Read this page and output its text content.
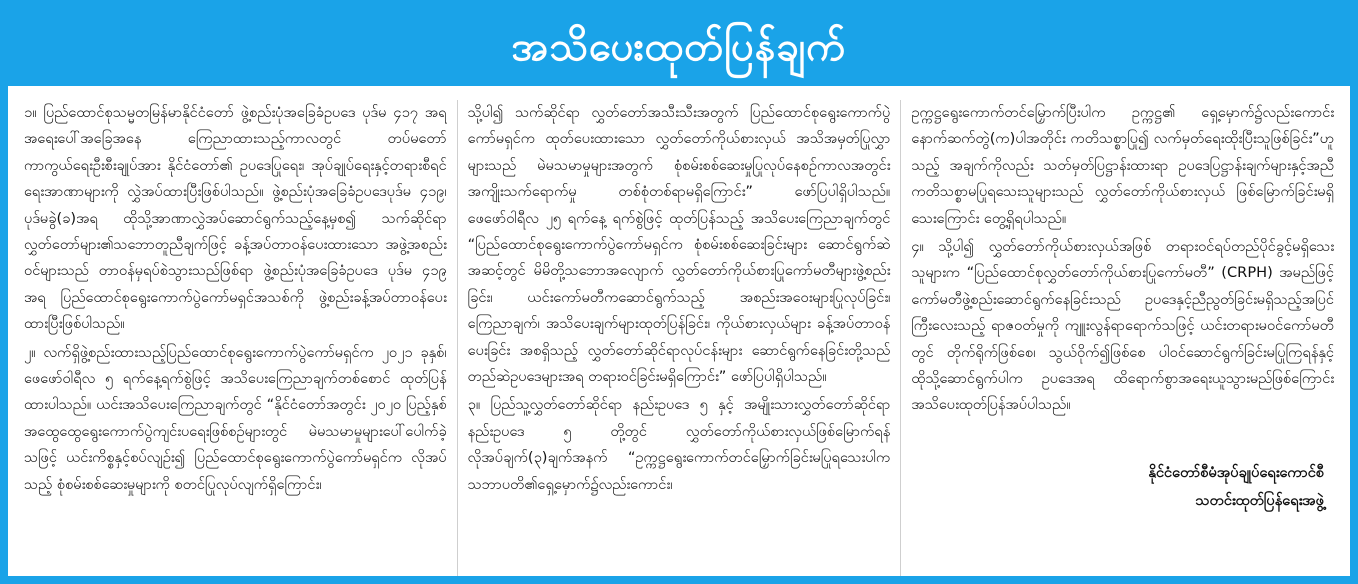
အသိပေးထုတ်ပြန်ချက်

၁။ ပြည်ထောင်စုသမ္မတမြန်မာနိုင်ငံတော် ဖွဲ့စည်းပုံအခြေခံဥပဒေ ပုဒ်မ ၄၁၇ အရ အရေးပေါ်အခြေအနေ ကြေညာထားသည့်ကာလတွင် တပ်မတော်ကာကွယ်ရေးဦးစီးချုပ်အား နိုင်ငံတော်၏ ဥပဒေပြုရေး၊ အုပ်ချုပ်ရေးနှင့်တရားစီရင်ရေးအာဏာများကို လွှဲအပ်ထားပြီးဖြစ်ပါသည်။ ဖွဲ့စည်းပုံအခြေခံဥပဒေပုဒ်မ ၄၁၉၊ ပုဒ်မခွဲ(ခ)အရ ထိုသို့အာဏာလွှဲအပ်ဆောင်ရွက်သည့်နေ့မှစ၍ သက်ဆိုင်ရာလွှတ်တော်များ၏သဘောတူညီချက်ဖြင့် ခန့်အပ်တာဝန်ပေးထားသော အဖွဲ့အစည်းဝင်များသည် တာဝန်မှရပ်စဲသွားသည်ဖြစ်ရာ ဖွဲ့စည်းပုံအခြေခံဥပဒေ ပုဒ်မ ၄၁၉ အရ ပြည်ထောင်စုရွေးကောက်ပွဲကော်မရှင်အသစ်ကို ဖွဲ့စည်းခန့်အပ်တာဝန်ပေးထားပြီးဖြစ်ပါသည်။

၂။ လက်ရှိဖွဲ့စည်းထားသည့်ပြည်ထောင်စုရွေးကောက်ပွဲကော်မရှင်က ၂၀၂၁ ခုနှစ်၊ ဖေဖော်ဝါရီလ ၅ ရက်နေ့ရက်စွဲဖြင့် အသိပေးကြေညာချက်တစ်စောင် ထုတ်ပြန်ထားပါသည်။ ယင်းအသိပေးကြေညာချက်တွင် “နိုင်ငံတော်အတွင်း ၂၀၂၀ ပြည့်နှစ် အထွေထွေရွေးကောက်ပွဲကျင်းပရေးဖြစ်စဉ်များတွင် မဲမသမာမှုများပေါ်ပေါက်ခဲ့သဖြင့် ယင်းကိစ္စနှင့်စပ်လျဉ်း၍ ပြည်ထောင်စုရွေးကောက်ပွဲကော်မရှင်က လိုအပ်သည့် စုံစမ်းစစ်ဆေးမှုများကို စတင်ပြုလုပ်လျက်ရှိကြောင်း၊

သို့ပါ၍ သက်ဆိုင်ရာ လွှတ်တော်အသီးသီးအတွက် ပြည်ထောင်စုရွေးကောက်ပွဲကော်မရှင်က ထုတ်ပေးထားသော လွှတ်တော်ကိုယ်စားလှယ် အသိအမှတ်ပြုလွှာများသည် မဲမသမာမှုများအတွက် စုံစမ်းစစ်ဆေးမှုပြုလုပ်နေစဉ်ကာလအတွင်း အကျိုးသက်ရောက်မှု တစ်စုံတစ်ရာမရှိကြောင်း” ဖော်ပြပါရှိပါသည်။ ဖေဖော်ဝါရီလ ၂၅ ရက်နေ့ ရက်စွဲဖြင့် ထုတ်ပြန်သည့် အသိပေးကြေညာချက်တွင် “ပြည်ထောင်စုရွေးကောက်ပွဲကော်မရှင်က စုံစမ်းစစ်ဆေးခြင်းများ ဆောင်ရွက်ဆဲအဆင့်တွင် မိမိတို့သဘောအလျောက် လွှတ်တော်ကိုယ်စားပြုကော်မတီများဖွဲ့စည်းခြင်း၊ ယင်းကော်မတီကဆောင်ရွက်သည့် အစည်းအဝေးများပြုလုပ်ခြင်း၊ ကြေညာချက်၊ အသိပေးချက်များထုတ်ပြန်ခြင်း၊ ကိုယ်စားလှယ်များ ခန့်အပ်တာဝန်ပေးခြင်း အစရှိသည့် လွှတ်တော်ဆိုင်ရာလုပ်ငန်းများ ဆောင်ရွက်နေခြင်းတို့သည် တည်ဆဲဥပဒေများအရ တရားဝင်ခြင်းမရှိကြောင်း” ဖော်ပြပါရှိပါသည်။

၃။ ပြည်သူ့လွှတ်တော်ဆိုင်ရာ နည်းဥပဒေ ၅ နှင့် အမျိုးသားလွှတ်တော်ဆိုင်ရာနည်းဥပဒေ ၅ တို့တွင် လွှတ်တော်ကိုယ်စားလှယ်ဖြစ်မြောက်ရန် လိုအပ်ချက်(၃)ချက်အနက် “ဥက္ကဋ္ဌရွေးကောက်တင်မြှောက်ခြင်းမပြုရသေးပါက သဘာပတိ၏ရှေ့မှောက်၌လည်းကောင်း၊

ဥက္ကဋ္ဌရွေးကောက်တင်မြှောက်ပြီးပါက ဥက္ကဋ္ဌ၏ ရှေ့မှောက်၌လည်းကောင်း နောက်ဆက်တွဲ(က)ပါအတိုင်း ကတိသစ္စာပြု၍ လက်မှတ်ရေးထိုးပြီးသူဖြစ်ခြင်း”ဟူသည့် အချက်ကိုလည်း သတ်မှတ်ပြဋ္ဌာန်းထားရာ ဥပဒေပြဋ္ဌာန်းချက်များနှင့်အညီ ကတိသစ္စာမပြုရသေးသူများသည် လွှတ်တော်ကိုယ်စားလှယ် ဖြစ်မြောက်ခြင်းမရှိသေးကြောင်း တွေ့ရှိရပါသည်။

၄။ သို့ပါ၍ လွှတ်တော်ကိုယ်စားလှယ်အဖြစ် တရားဝင်ရပ်တည်ပိုင်ခွင့်မရှိသေးသူများက “ပြည်ထောင်စုလွှတ်တော်ကိုယ်စားပြုကော်မတီ” (CRPH) အမည်ဖြင့် ကော်မတီဖွဲ့စည်းဆောင်ရွက်နေခြင်းသည် ဥပဒေနှင့်ညီညွတ်ခြင်းမရှိသည့်အပြင် ကြီးလေးသည့် ရာဇဝတ်မှုကို ကျူးလွန်ရာရောက်သဖြင့် ယင်းတရားမဝင်ကော်မတီတွင် တိုက်ရိုက်ဖြစ်စေ၊ သွယ်ဝိုက်၍ဖြစ်စေ ပါဝင်ဆောင်ရွက်ခြင်းမပြုကြရန်နှင့် ထိုသို့ဆောင်ရွက်ပါက ဥပဒေအရ ထိရောက်စွာအရေးယူသွားမည်ဖြစ်ကြောင်း အသိပေးထုတ်ပြန်အပ်ပါသည်။

နိုင်ငံတော်စီမံအုပ်ချုပ်ရေးကောင်စီ
သတင်းထုတ်ပြန်ရေးအဖွဲ့
